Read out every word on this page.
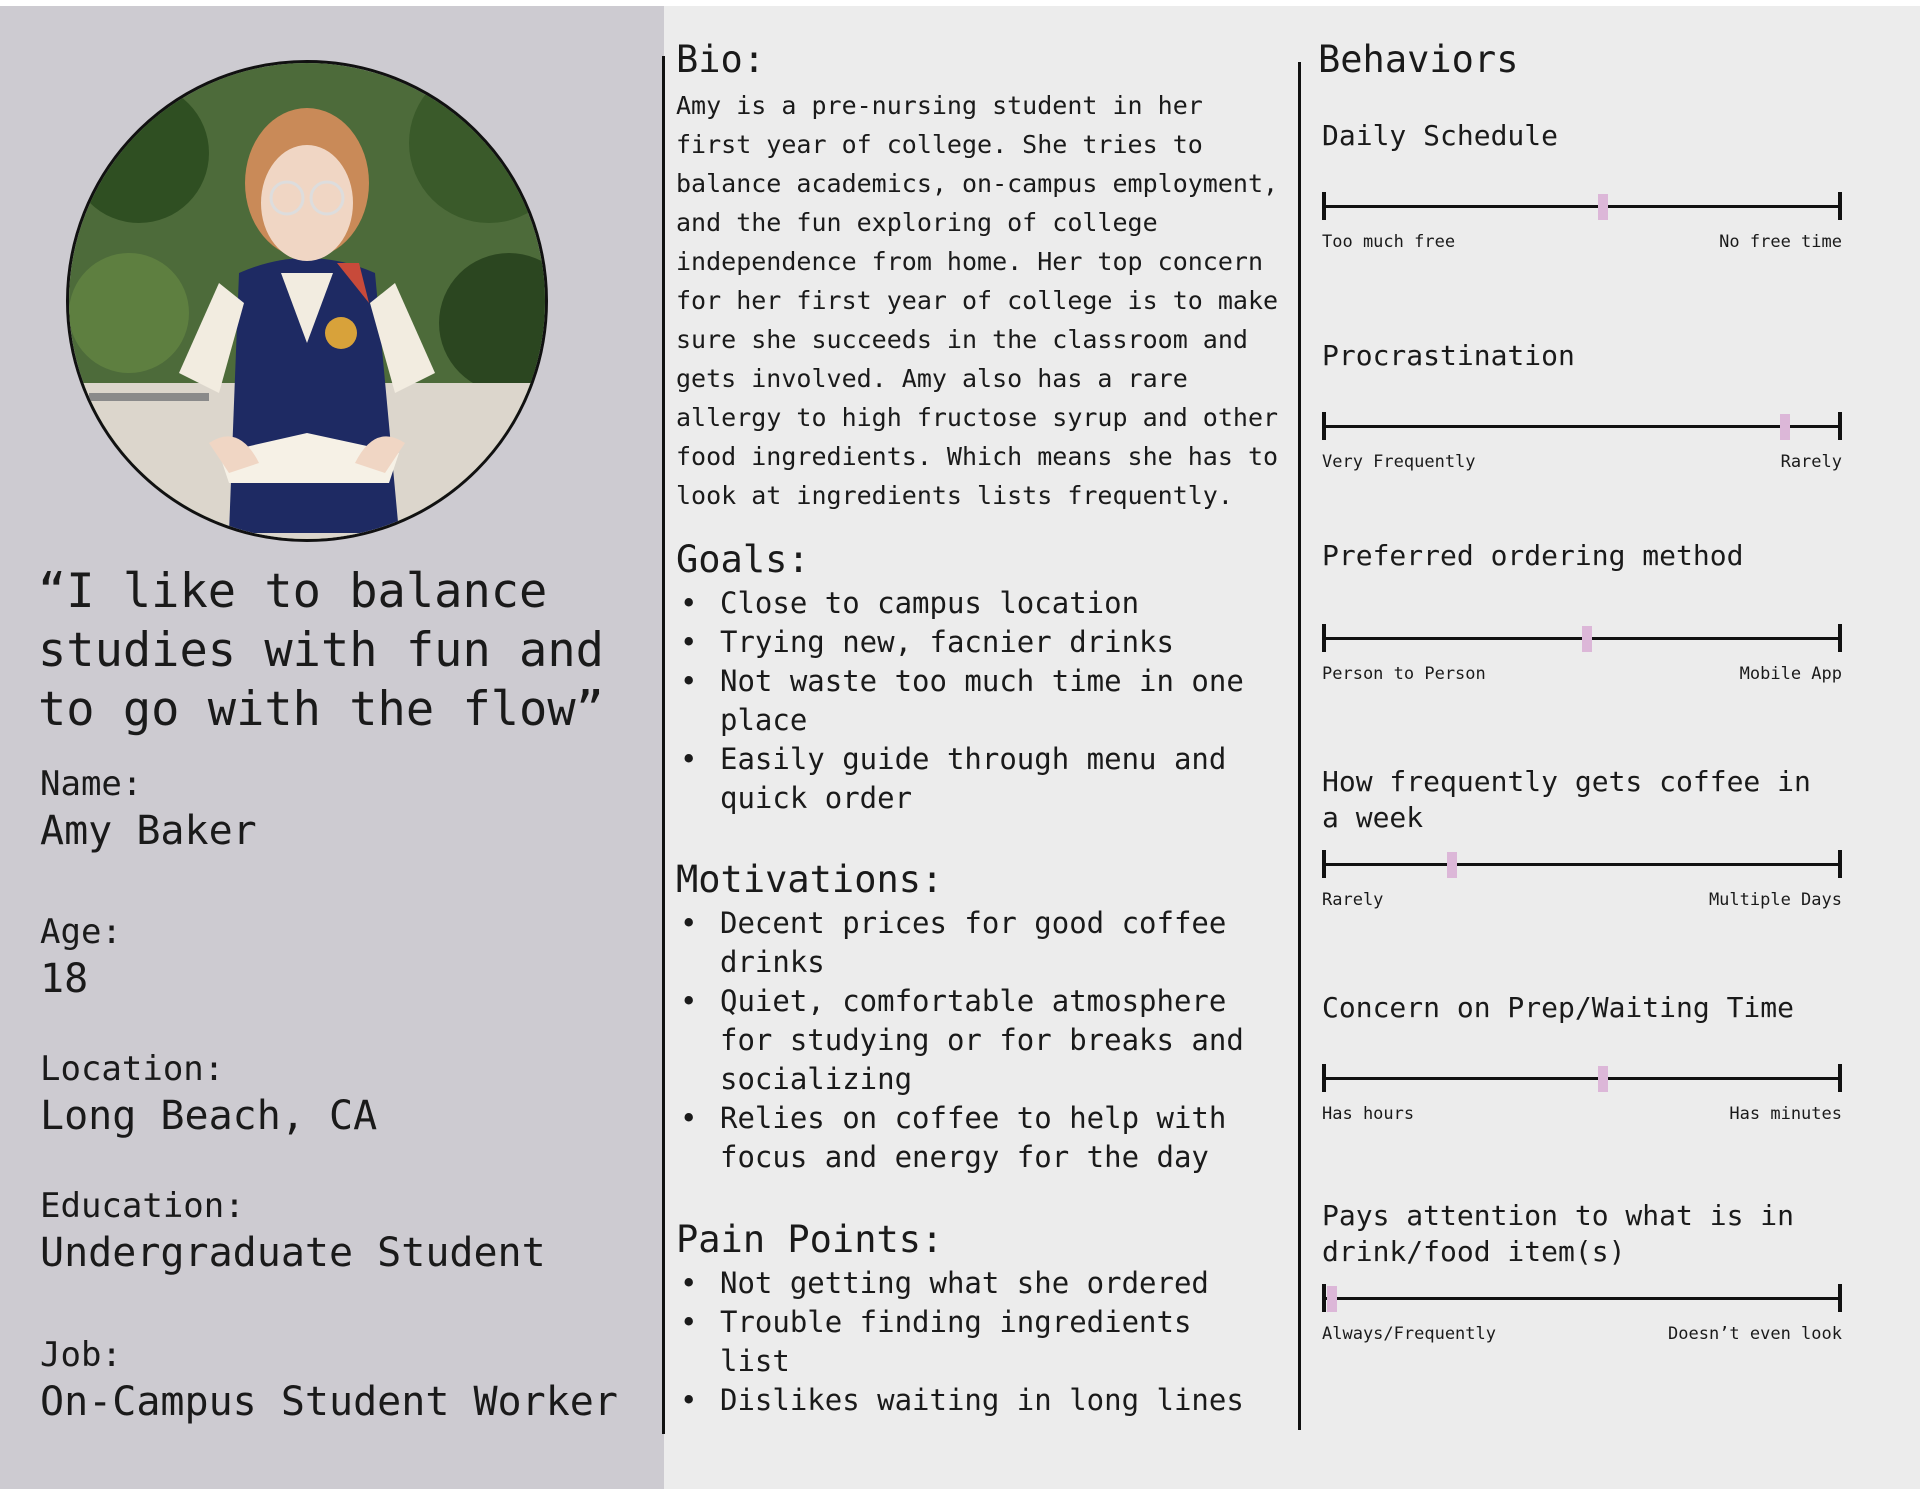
“I like to balance studies with fun and to go with the flow”
Name:
Amy Baker
Age:
18
Location:
Long Beach, CA
Education:
Undergraduate Student
Job:
On-Campus Student Worker
Bio:

Amy is a pre-nursing student in her first year of college. She tries to balance academics, on-campus employment, and the fun exploring of college independence from home. Her top concern for her first year of college is to make sure she succeeds in the classroom and gets involved. Amy also has a rare allergy to high fructose syrup and other food ingredients. Which means she has to look at ingredients lists frequently.

Goals:
• Close to campus location
• Trying new, facnier drinks
• Not waste too much time in one place
• Easily guide through menu and quick order
Motivations:
• Decent prices for good coffee drinks
• Quiet, comfortable atmosphere for studying or for breaks and socializing
• Relies on coffee to help with focus and energy for the day
Pain Points:
• Not getting what she ordered
• Trouble finding ingredients list
• Dislikes waiting in long lines
Behaviors
Daily Schedule
Too much free	No free time
Procrastination
Very Frequently	Rarely
Preferred ordering method
Person to Person	Mobile App
How frequently gets coffee in a week
Rarely	Multiple Days
Concern on Prep/Waiting Time
Has hours	Has minutes
Pays attention to what is in drink/food item(s)
Always/Frequently	Doesn’t even look
